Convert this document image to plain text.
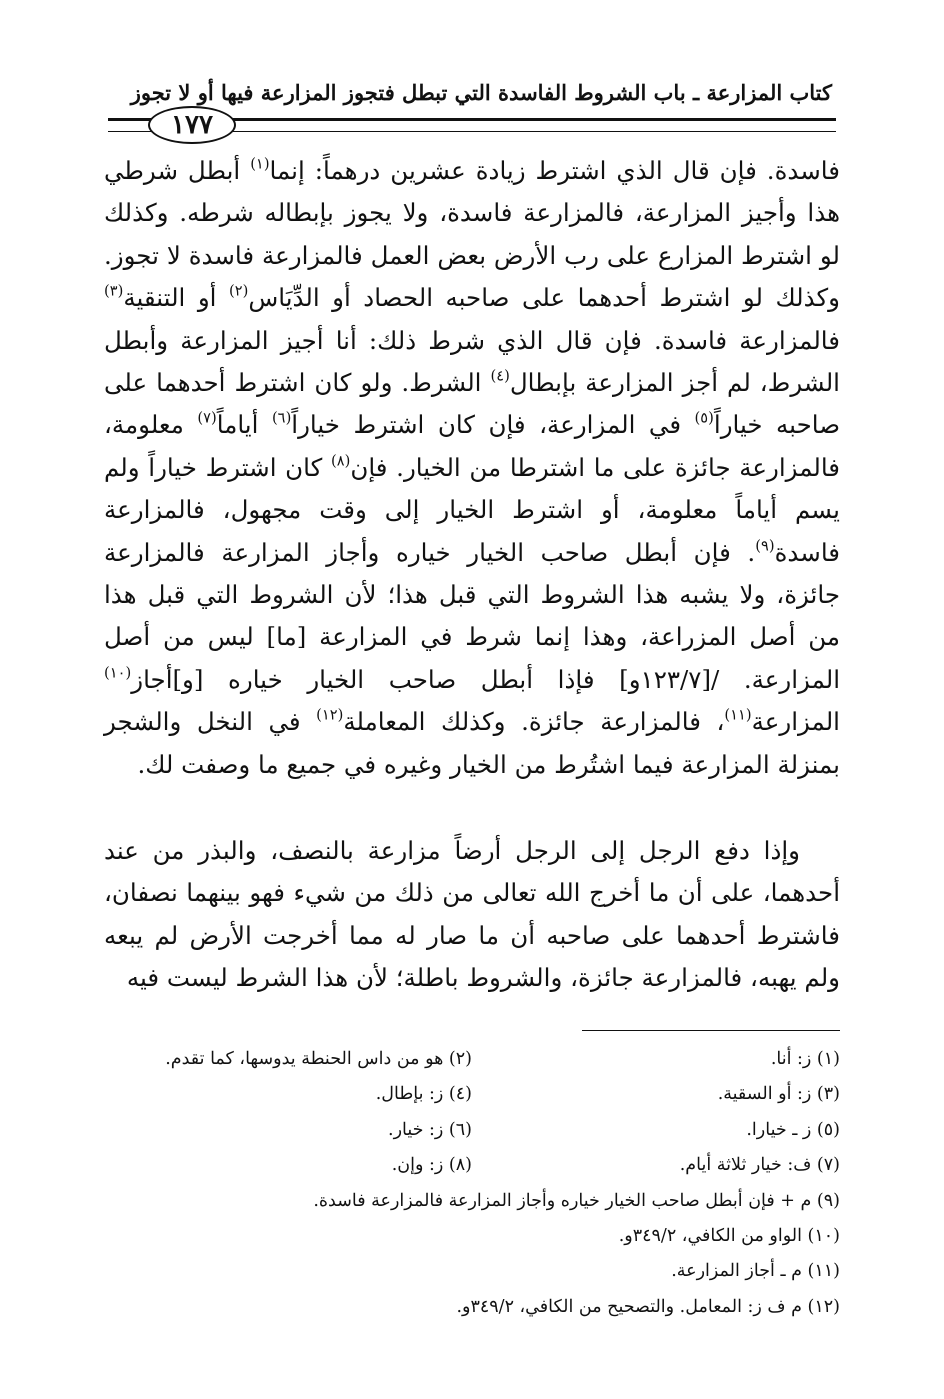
كتاب المزارعة ـ باب الشروط الفاسدة التي تبطل فتجوز المزارعة فيها أو لا تجوز
١٧٧

فاسدة. فإن قال الذي اشترط زيادة عشرين درهماً: إنما$^{(١)}$ أبطل شرطي هذا وأجيز المزارعة، فالمزارعة فاسدة، ولا يجوز بإبطاله شرطه. وكذلك لو اشترط المزارع على رب الأرض بعض العمل فالمزارعة فاسدة لا تجوز. وكذلك لو اشترط أحدهما على صاحبه الحصاد أو الدِّيَاس$^{(٢)}$ أو التنقية$^{(٣)}$ فالمزارعة فاسدة. فإن قال الذي شرط ذلك: أنا أجيز المزارعة وأبطل الشرط، لم أجز المزارعة بإبطال$^{(٤)}$ الشرط. ولو كان اشترط أحدهما على صاحبه خياراً$^{(٥)}$ في المزارعة، فإن كان اشترط خياراً$^{(٦)}$ أياماً$^{(٧)}$ معلومة، فالمزارعة جائزة على ما اشترطا من الخيار. فإن$^{(٨)}$ كان اشترط خياراً ولم يسم أياماً معلومة، أو اشترط الخيار إلى وقت مجهول، فالمزارعة فاسدة$^{(٩)}$. فإن أبطل صاحب الخيار خياره وأجاز المزارعة فالمزارعة جائزة، ولا يشبه هذا الشروط التي قبل هذا؛ لأن الشروط التي قبل هذا من أصل المزراعة، وهذا إنما شرط في المزارعة [ما] ليس من أصل المزارعة. /[١٢٣/٧و] فإذا أبطل صاحب الخيار خياره [و]أجاز$^{(١٠)}$ المزارعة$^{(١١)}$، فالمزارعة جائزة. وكذلك المعاملة$^{(١٢)}$ في النخل والشجر بمنزلة المزارعة فيما اشتُرط من الخيار وغيره في جميع ما وصفت لك.

وإذا دفع الرجل إلى الرجل أرضاً مزارعة بالنصف، والبذر من عند أحدهما، على أن ما أخرج الله تعالى من ذلك من شيء فهو بينهما نصفان، فاشترط أحدهما على صاحبه أن ما صار له مما أخرجت الأرض لم يبعه ولم يهبه، فالمزارعة جائزة، والشروط باطلة؛ لأن هذا الشرط ليست فيه

(١) ز: أنا.
(٢) هو من داس الحنطة يدوسها، كما تقدم.
(٣) ز: أو السقية.
(٤) ز: بإطال.
(٥) ز ـ خيارا.
(٦) ز: خيار.
(٧) ف: خيار ثلاثة أيام.
(٨) ز: وإن.
(٩) م + فإن أبطل صاحب الخيار خياره وأجاز المزارعة فالمزارعة فاسدة.
(١٠) الواو من الكافي، ٣٤٩/٢و.
(١١) م ـ أجاز المزارعة.
(١٢) م ف ز: المعامل. والتصحيح من الكافي، ٣٤٩/٢و.
